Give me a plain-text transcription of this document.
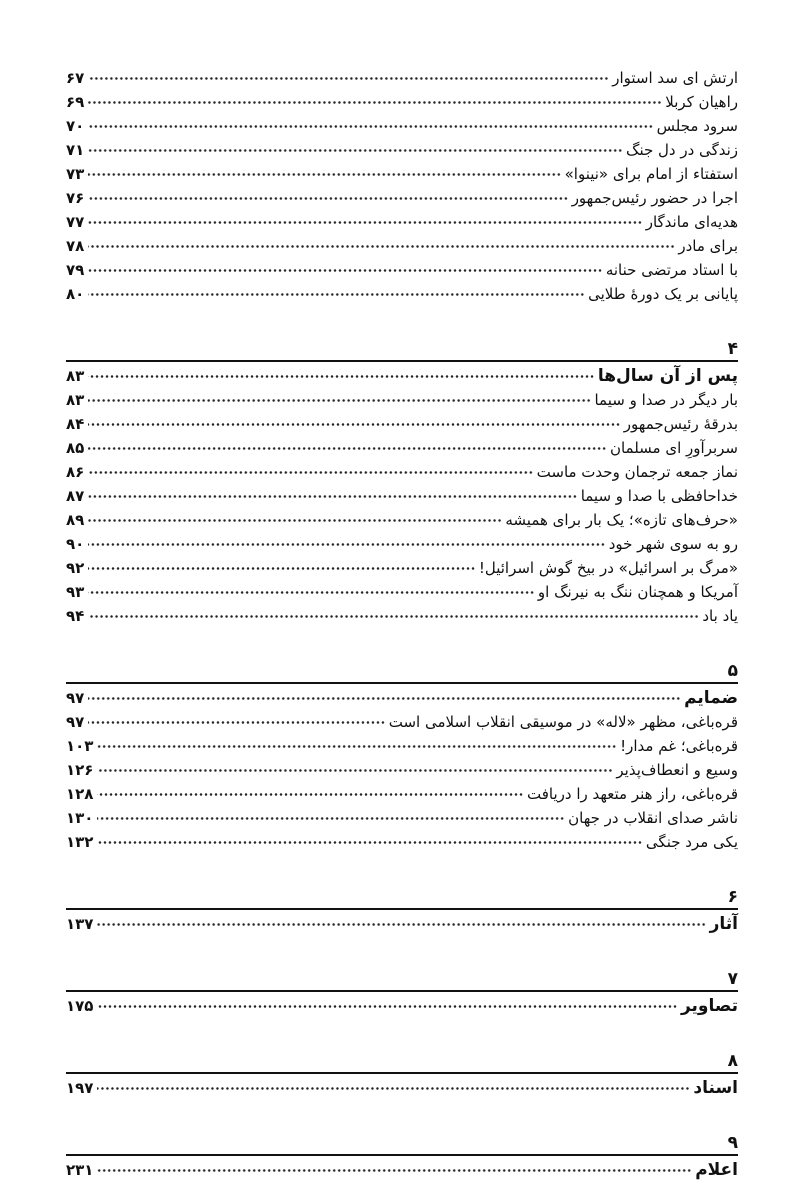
ارتش ای سد استوار
۶۷
راهیان کربلا
۶۹
سرود مجلس
۷۰
زندگی در دل جنگ
۷۱
استفتاء از امام برای «نینوا»
۷۳
اجرا در حضور رئیس‌جمهور
۷۶
هدیه‌ای ماندگار
۷۷
برای مادر
۷۸
با استاد مرتضی حنانه
۷۹
پایانی بر یک دورۀ طلایی
۸۰
۴
پس از آن سال‌ها
۸۳
بار دیگر در صدا و سیما
۸۳
بدرقۀ رئیس‌جمهور
۸۴
سربرآورِ ای مسلمان
۸۵
نماز جمعه ترجمان وحدت ماست
۸۶
خداحافظی با صدا و سیما
۸۷
«حرف‌های تازه»؛ یک بار برای همیشه
۸۹
رو به سوی شهر خود
۹۰
«مرگ بر اسرائیل» در بیخ گوش اسرائیل!
۹۲
آمریکا و همچنان ننگ به نیرنگ او
۹۳
یاد باد
۹۴
۵
ضمایم
۹۷
قره‌باغی، مظهر «لاله» در موسیقی انقلاب اسلامی است
۹۷
قره‌باغی؛ غم مدار!
۱۰۳
وسیع و انعطاف‌پذیر
۱۲۶
قره‌باغی، راز هنر متعهد را دریافت
۱۲۸
ناشر صدای انقلاب در جهان
۱۳۰
یکی مرد جنگی
۱۳۲
۶
آثار
۱۳۷
۷
تصاویر
۱۷۵
۸
اسناد
۱۹۷
۹
اعلام
۲۳۱
